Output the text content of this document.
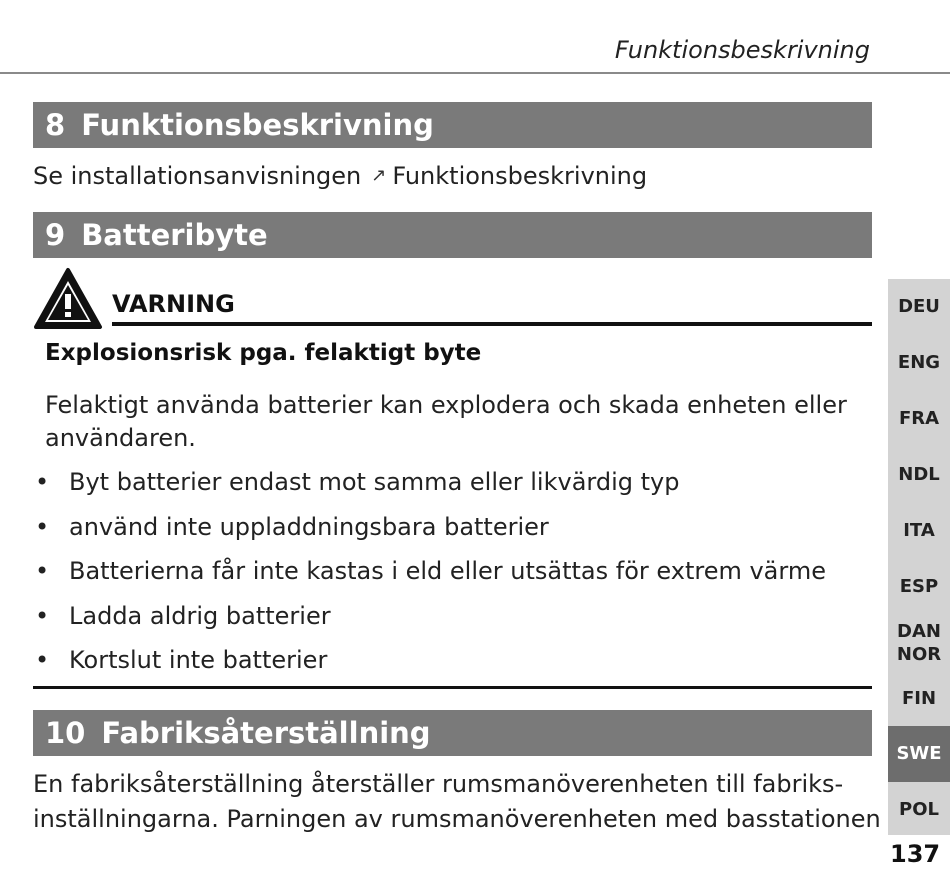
Funktionsbeskrivning
8 Funktionsbeskrivning
Se installationsanvisningen ↗ Funktionsbeskrivning
9 Batteribyte
VARNING
Explosionsrisk pga. felaktigt byte
Felaktigt använda batterier kan explodera och skada enheten eller
användaren.
• Byt batterier endast mot samma eller likvärdig typ
• använd inte uppladdningsbara batterier
• Batterierna får inte kastas i eld eller utsättas för extrem värme
• Ladda aldrig batterier
• Kortslut inte batterier
10 Fabriksåterställning
En fabriksåterställning återställer rumsmanöverenheten till fabriks-
inställningarna. Parningen av rumsmanöverenheten med basstationen
DEU
ENG
FRA
NDL
ITA
ESP
DAN
NOR
FIN
SWE
POL
137
